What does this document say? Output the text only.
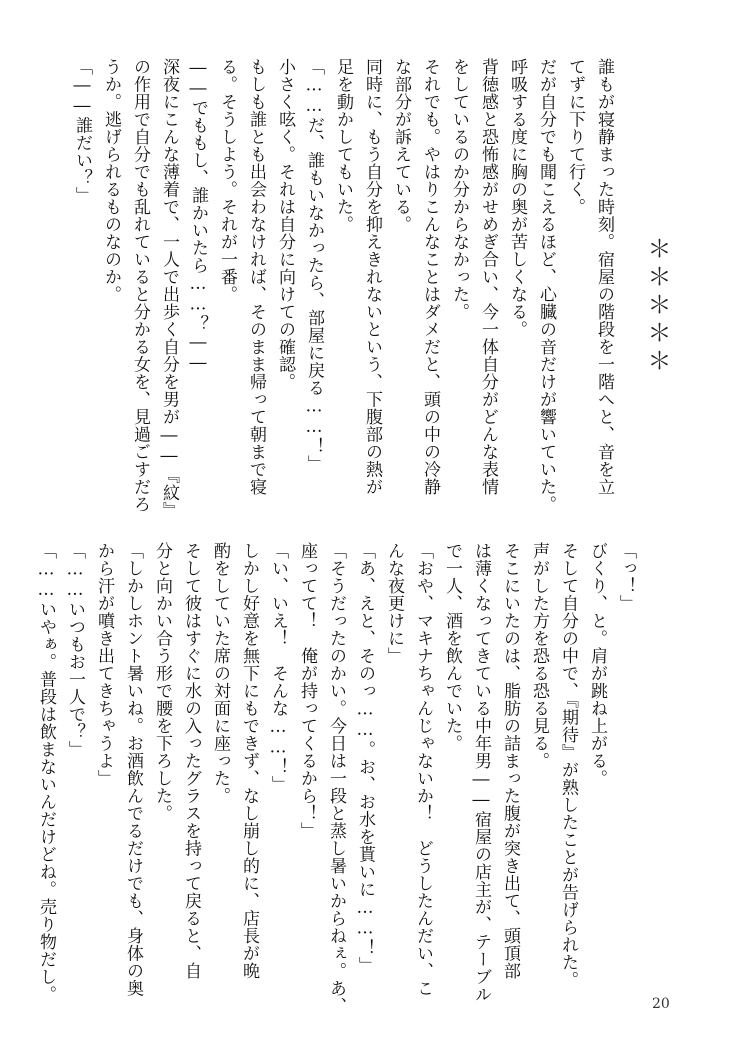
＊＊＊＊＊
誰もが寝静まった時刻。宿屋の階段を一階へと、音を立
てずに下りて行く。
だが自分でも聞こえるほど、心臓の音だけが響いていた。
呼吸する度に胸の奥が苦しくなる。
背徳感と恐怖感がせめぎ合い、今一体自分がどんな表情
をしているのか分からなかった。
それでも。やはりこんなことはダメだと、頭の中の冷静
な部分が訴えている。
同時に、もう自分を抑えきれないという、下腹部の熱が
足を動かしてもいた。
「……だ、誰もいなかったら、部屋に戻る……！」
小さく呟く。それは自分に向けての確認。
もしも誰とも出会わなければ、そのまま帰って朝まで寝
る。そうしよう。それが一番。
――でももし、誰かいたら……？――
深夜にこんな薄着で、一人で出歩く自分を男が――『紋』
の作用で自分でも乱れていると分かる女を、見過ごすだろ
うか。逃げられるものなのか。
「――誰だい？」
「っ！」
びくり、と。肩が跳ね上がる。
そして自分の中で、『期待』が熟したことが告げられた。
声がした方を恐る恐る見る。
そこにいたのは、脂肪の詰まった腹が突き出て、頭頂部
は薄くなってきている中年男――宿屋の店主が、テーブル
で一人、酒を飲んでいた。
「おや、マキナちゃんじゃないか！　どうしたんだい、こ
んな夜更けに」
「あ、えと、そのっ……。お、お水を貰いに……！」
「そうだったのかい。今日は一段と蒸し暑いからねぇ。あ、
座ってて！　俺が持ってくるから！」
「い、いえ！　そんな……！」
しかし好意を無下にもできず、なし崩し的に、店長が晩
酌をしていた席の対面に座った。
そして彼はすぐに水の入ったグラスを持って戻ると、自
分と向かい合う形で腰を下ろした。
「しかしホント暑いね。お酒飲んでるだけでも、身体の奥
から汗が噴き出てきちゃうよ」
「……いつもお一人で？」
「……いやぁ。普段は飲まないんだけどね。売り物だし。
20
